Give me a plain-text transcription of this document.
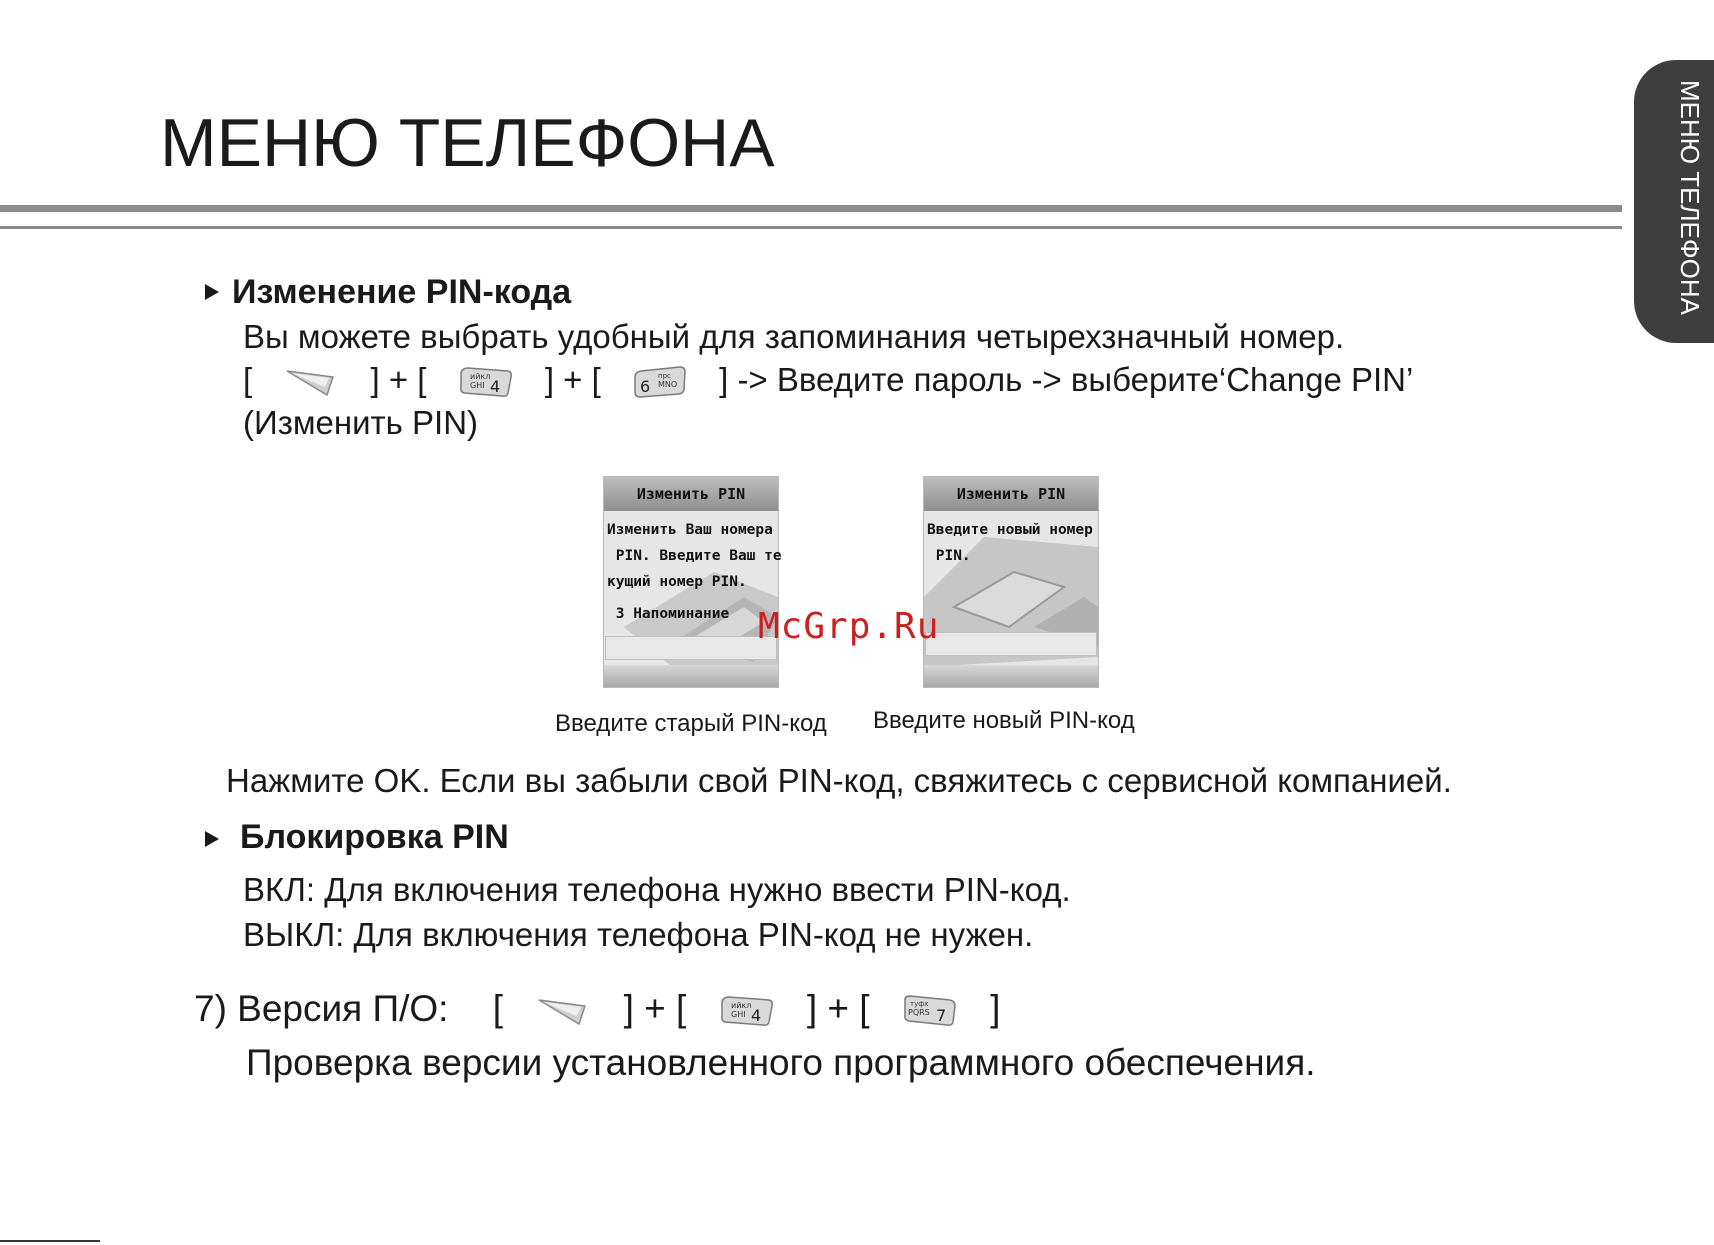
МЕНЮ ТЕЛЕФОНА	МЕНЮ ТЕЛЕФОНА
Изменение PIN-кода
Вы можете выбрать удобный для запоминания четырехзначный номер.
[	] + [	ийкл
GHI 4 ] + [ 6
прс
MNO ] -> Введите пароль -> выберите‘Change PIN’
(Изменить PIN)
Изменить PIN
Изменить Ваш номера
PIN. Введите Ваш те
кущий номер PIN.
3 Напоминание
Введите старый PIN-код
Изменить PIN
Введите новый номер
PIN.
Введите новый PIN-код
McGrp.Ru
Нажмите OK. Если вы забыли свой PIN-код, свяжитесь с сервисной компанией.
Блокировка PIN
ВКЛ: Для включения телефона нужно ввести PIN-код.
ВЫКЛ: Для включения телефона PIN-код не нужен.
7) Версия П/О: [	] + [	ийкл
GHI 4 ] + [	туфх
PQRS 7 ]
Проверка версии установленного программного обеспечения.
